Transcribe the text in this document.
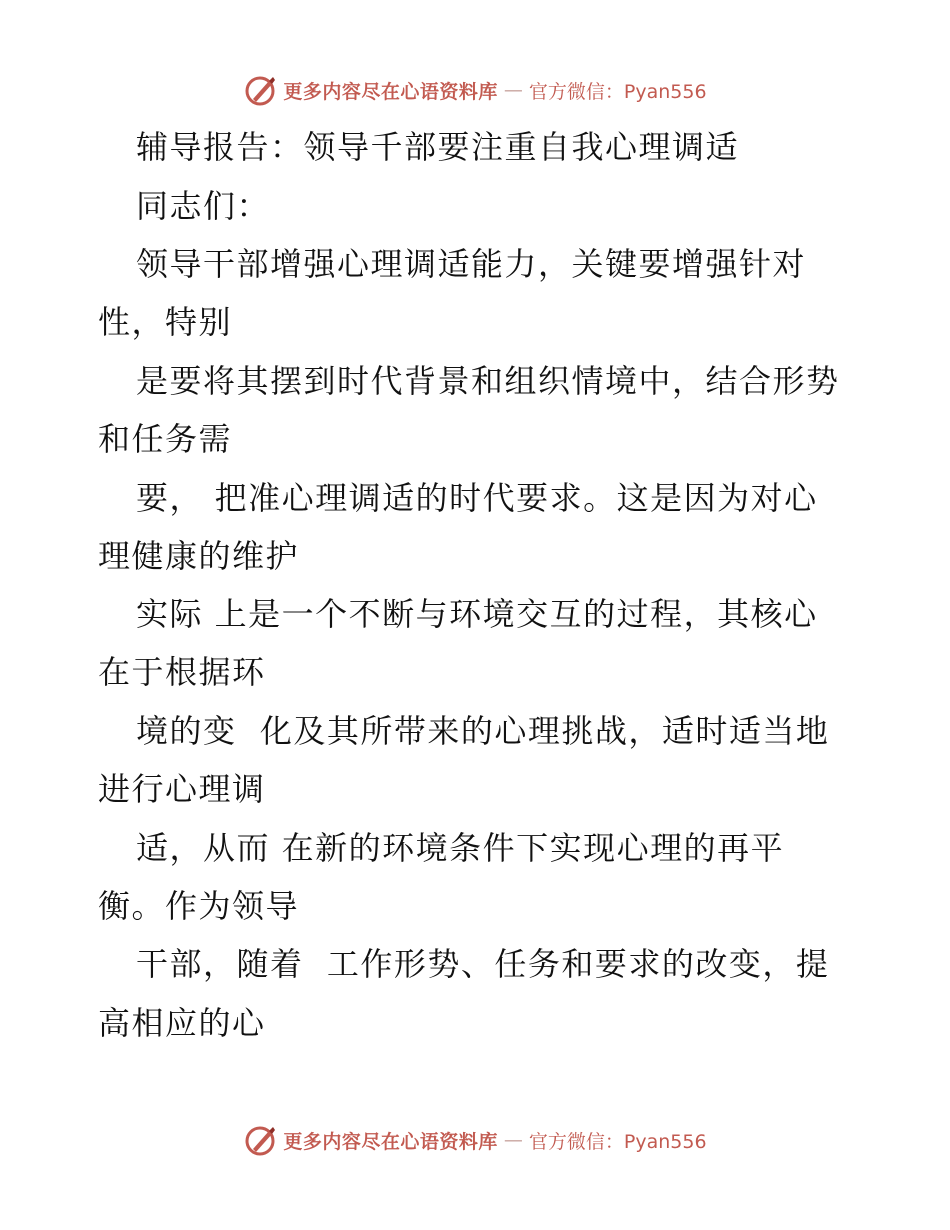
更多内容尽在心语资料库 — 官方微信：Pyan556
辅导报告：领导千部要注重自我心理调适
同志们：
领导干部增强心理调适能力，关键要增强针对
性，特别
是要将其摆到时代背景和组织情境中，结合形势
和任务需
要， 把准心理调适的时代要求。这是因为对心
理健康的维护
实际 上是一个不断与环境交互的过程，其核心
在于根据环
境的变  化及其所带来的心理挑战，适时适当地
进行心理调
适，从而 在新的环境条件下实现心理的再平
衡。作为领导
干部，随着  工作形势、任务和要求的改变，提
高相应的心
更多内容尽在心语资料库 — 官方微信：Pyan556
